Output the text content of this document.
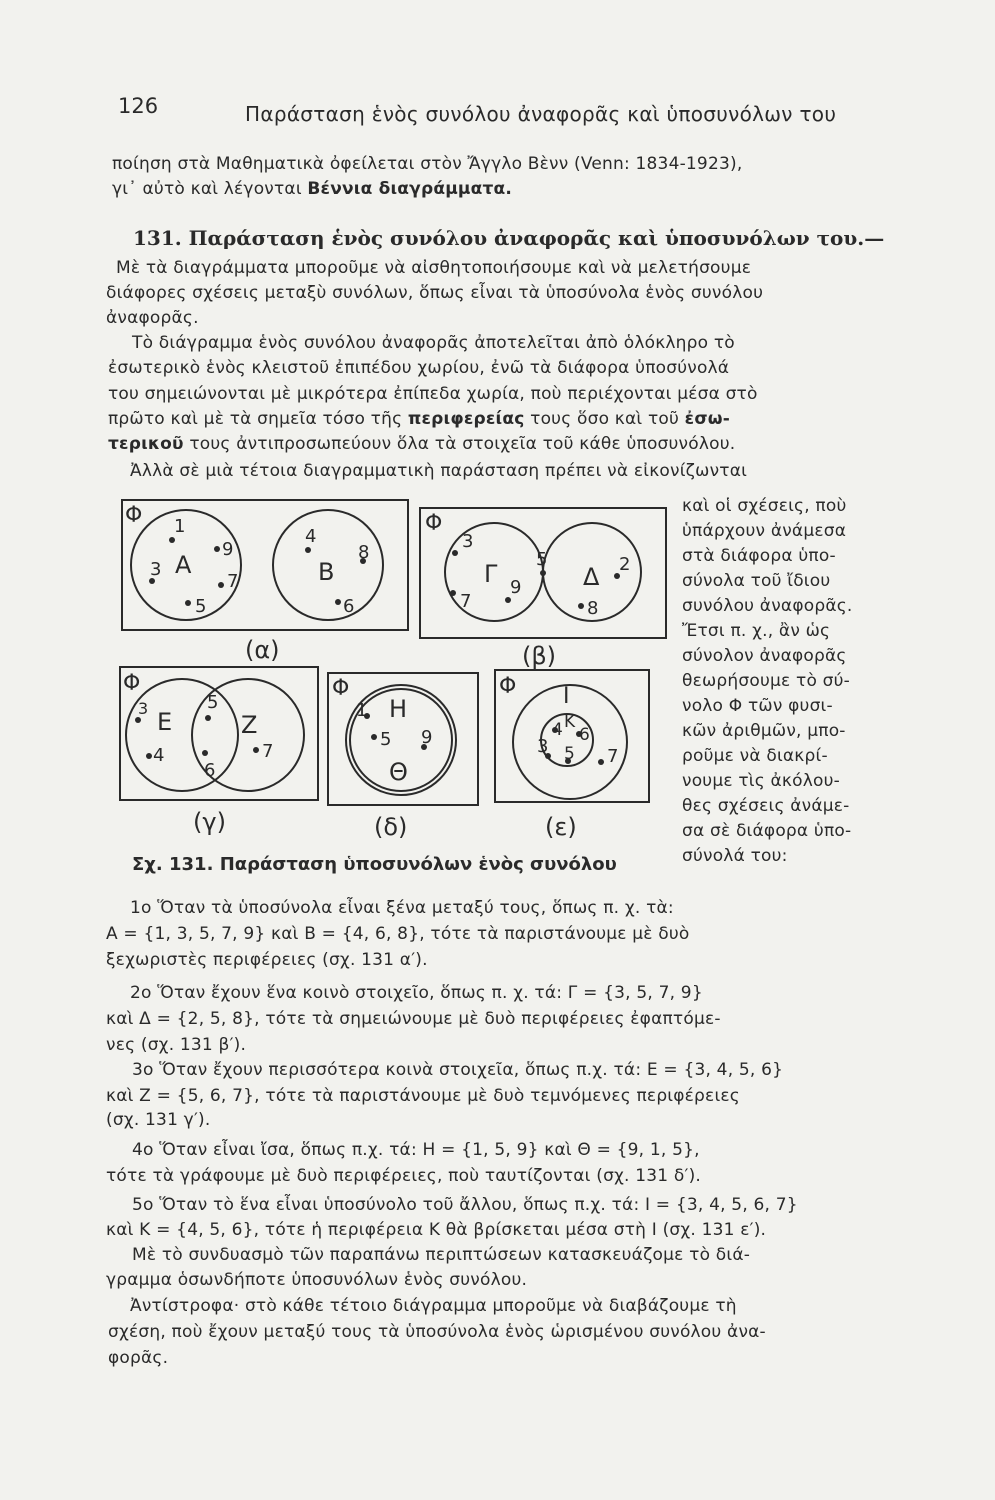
126	Παράσταση ἑνὸς συνόλου ἀναφορᾶς καὶ ὑποσυνόλων του
ποίηση στὰ Μαθηματικὰ ὀφείλεται στὸν Ἄγγλο Βὲνν (Venn: 1834-1923),
γι᾽ αὐτὸ καὶ λέγονται Βέννια διαγράμματα.
131. Παράσταση ἑνὸς συνόλου ἀναφορᾶς καὶ ὑποσυνόλων του.—
Μὲ τὰ διαγράμματα μποροῦμε νὰ αἰσθητοποιήσουμε καὶ νὰ μελετήσουμε
διάφορες σχέσεις μεταξὺ συνόλων, ὅπως εἶναι τὰ ὑποσύνολα ἑνὸς συνόλου
ἀναφορᾶς.
Τὸ διάγραμμα ἑνὸς συνόλου ἀναφορᾶς ἀποτελεῖται ἀπὸ ὁλόκληρο τὸ
ἐσωτερικὸ ἑνὸς κλειστοῦ ἐπιπέδου χωρίου, ἐνῶ τὰ διάφορα ὑποσύνολά
του σημειώνονται μὲ μικρότερα ἐπίπεδα χωρία, ποὺ περιέχονται μέσα στὸ
πρῶτο καὶ μὲ τὰ σημεῖα τόσο τῆς περιφερείας τους ὅσο καὶ τοῦ ἐσω-
τερικοῦ τους ἀντιπροσωπεύουν ὅλα τὰ στοιχεῖα τοῦ κάθε ὑποσυνόλου.
Ἀλλὰ σὲ μιὰ τέτοια διαγραμματικὴ παράσταση πρέπει νὰ εἰκονίζωνται
καὶ οἱ σχέσεις, ποὺ
ὑπάρχουν ἀνάμεσα
στὰ διάφορα ὑπο-
σύνολα τοῦ ἴδιου
συνόλου ἀναφορᾶς.
Ἔτσι π. χ., ἂν ὡς
σύνολον ἀναφορᾶς
θεωρήσουμε τὸ σύ-
νολο Φ τῶν φυσι-
κῶν ἀριθμῶν, μπο-
ροῦμε νὰ διακρί-
νουμε τὶς ἀκόλου-
θες σχέσεις ἀνάμε-
σα σὲ διάφορα ὑπο-
σύνολά του:
Φ	Φ
Φ	Φ	Φ
A	B
1
9
3
7
5
4
8
6
Γ	Δ
3
5	2
9
7	8
E	Z
3	5
4
6
7
H
Θ
1
5 9
I
K
4 6
3 5 7
(α)	(β)
(γ)	(δ)	(ε)
Σχ. 131. Παράσταση ὑποσυνόλων ἑνὸς συνόλου
1ο Ὅταν τὰ ὑποσύνολα εἶναι ξένα μεταξύ τους, ὅπως π. χ. τὰ:
A = {1, 3, 5, 7, 9} καὶ B = {4, 6, 8}, τότε τὰ παριστάνουμε μὲ δυὸ
ξεχωριστὲς περιφέρειες (σχ. 131 α′).
2ο Ὅταν ἔχουν ἕνα κοινὸ στοιχεῖο, ὅπως π. χ. τά: Γ = {3, 5, 7, 9}
καὶ Δ = {2, 5, 8}, τότε τὰ σημειώνουμε μὲ δυὸ περιφέρειες ἐφαπτόμε-
νες (σχ. 131 β′).
3ο Ὅταν ἔχουν περισσότερα κοινὰ στοιχεῖα, ὅπως π.χ. τά: E = {3, 4, 5, 6}
καὶ Z = {5, 6, 7}, τότε τὰ παριστάνουμε μὲ δυὸ τεμνόμενες περιφέρειες
(σχ. 131 γ′).
4ο Ὅταν εἶναι ἴσα, ὅπως π.χ. τά: H = {1, 5, 9} καὶ Θ = {9, 1, 5},
τότε τὰ γράφουμε μὲ δυὸ περιφέρειες, ποὺ ταυτίζονται (σχ. 131 δ′).
5ο Ὅταν τὸ ἕνα εἶναι ὑποσύνολο τοῦ ἄλλου, ὅπως π.χ. τά: I = {3, 4, 5, 6, 7}
καὶ K = {4, 5, 6}, τότε ἡ περιφέρεια K θὰ βρίσκεται μέσα στὴ I (σχ. 131 ε′).
Μὲ τὸ συνδυασμὸ τῶν παραπάνω περιπτώσεων κατασκευάζομε τὸ διά-
γραμμα ὁσωνδήποτε ὑποσυνόλων ἑνὸς συνόλου.
Ἀντίστροφα· στὸ κάθε τέτοιο διάγραμμα μποροῦμε νὰ διαβάζουμε τὴ
σχέση, ποὺ ἔχουν μεταξύ τους τὰ ὑποσύνολα ἑνὸς ὡρισμένου συνόλου ἀνα-
φορᾶς.
